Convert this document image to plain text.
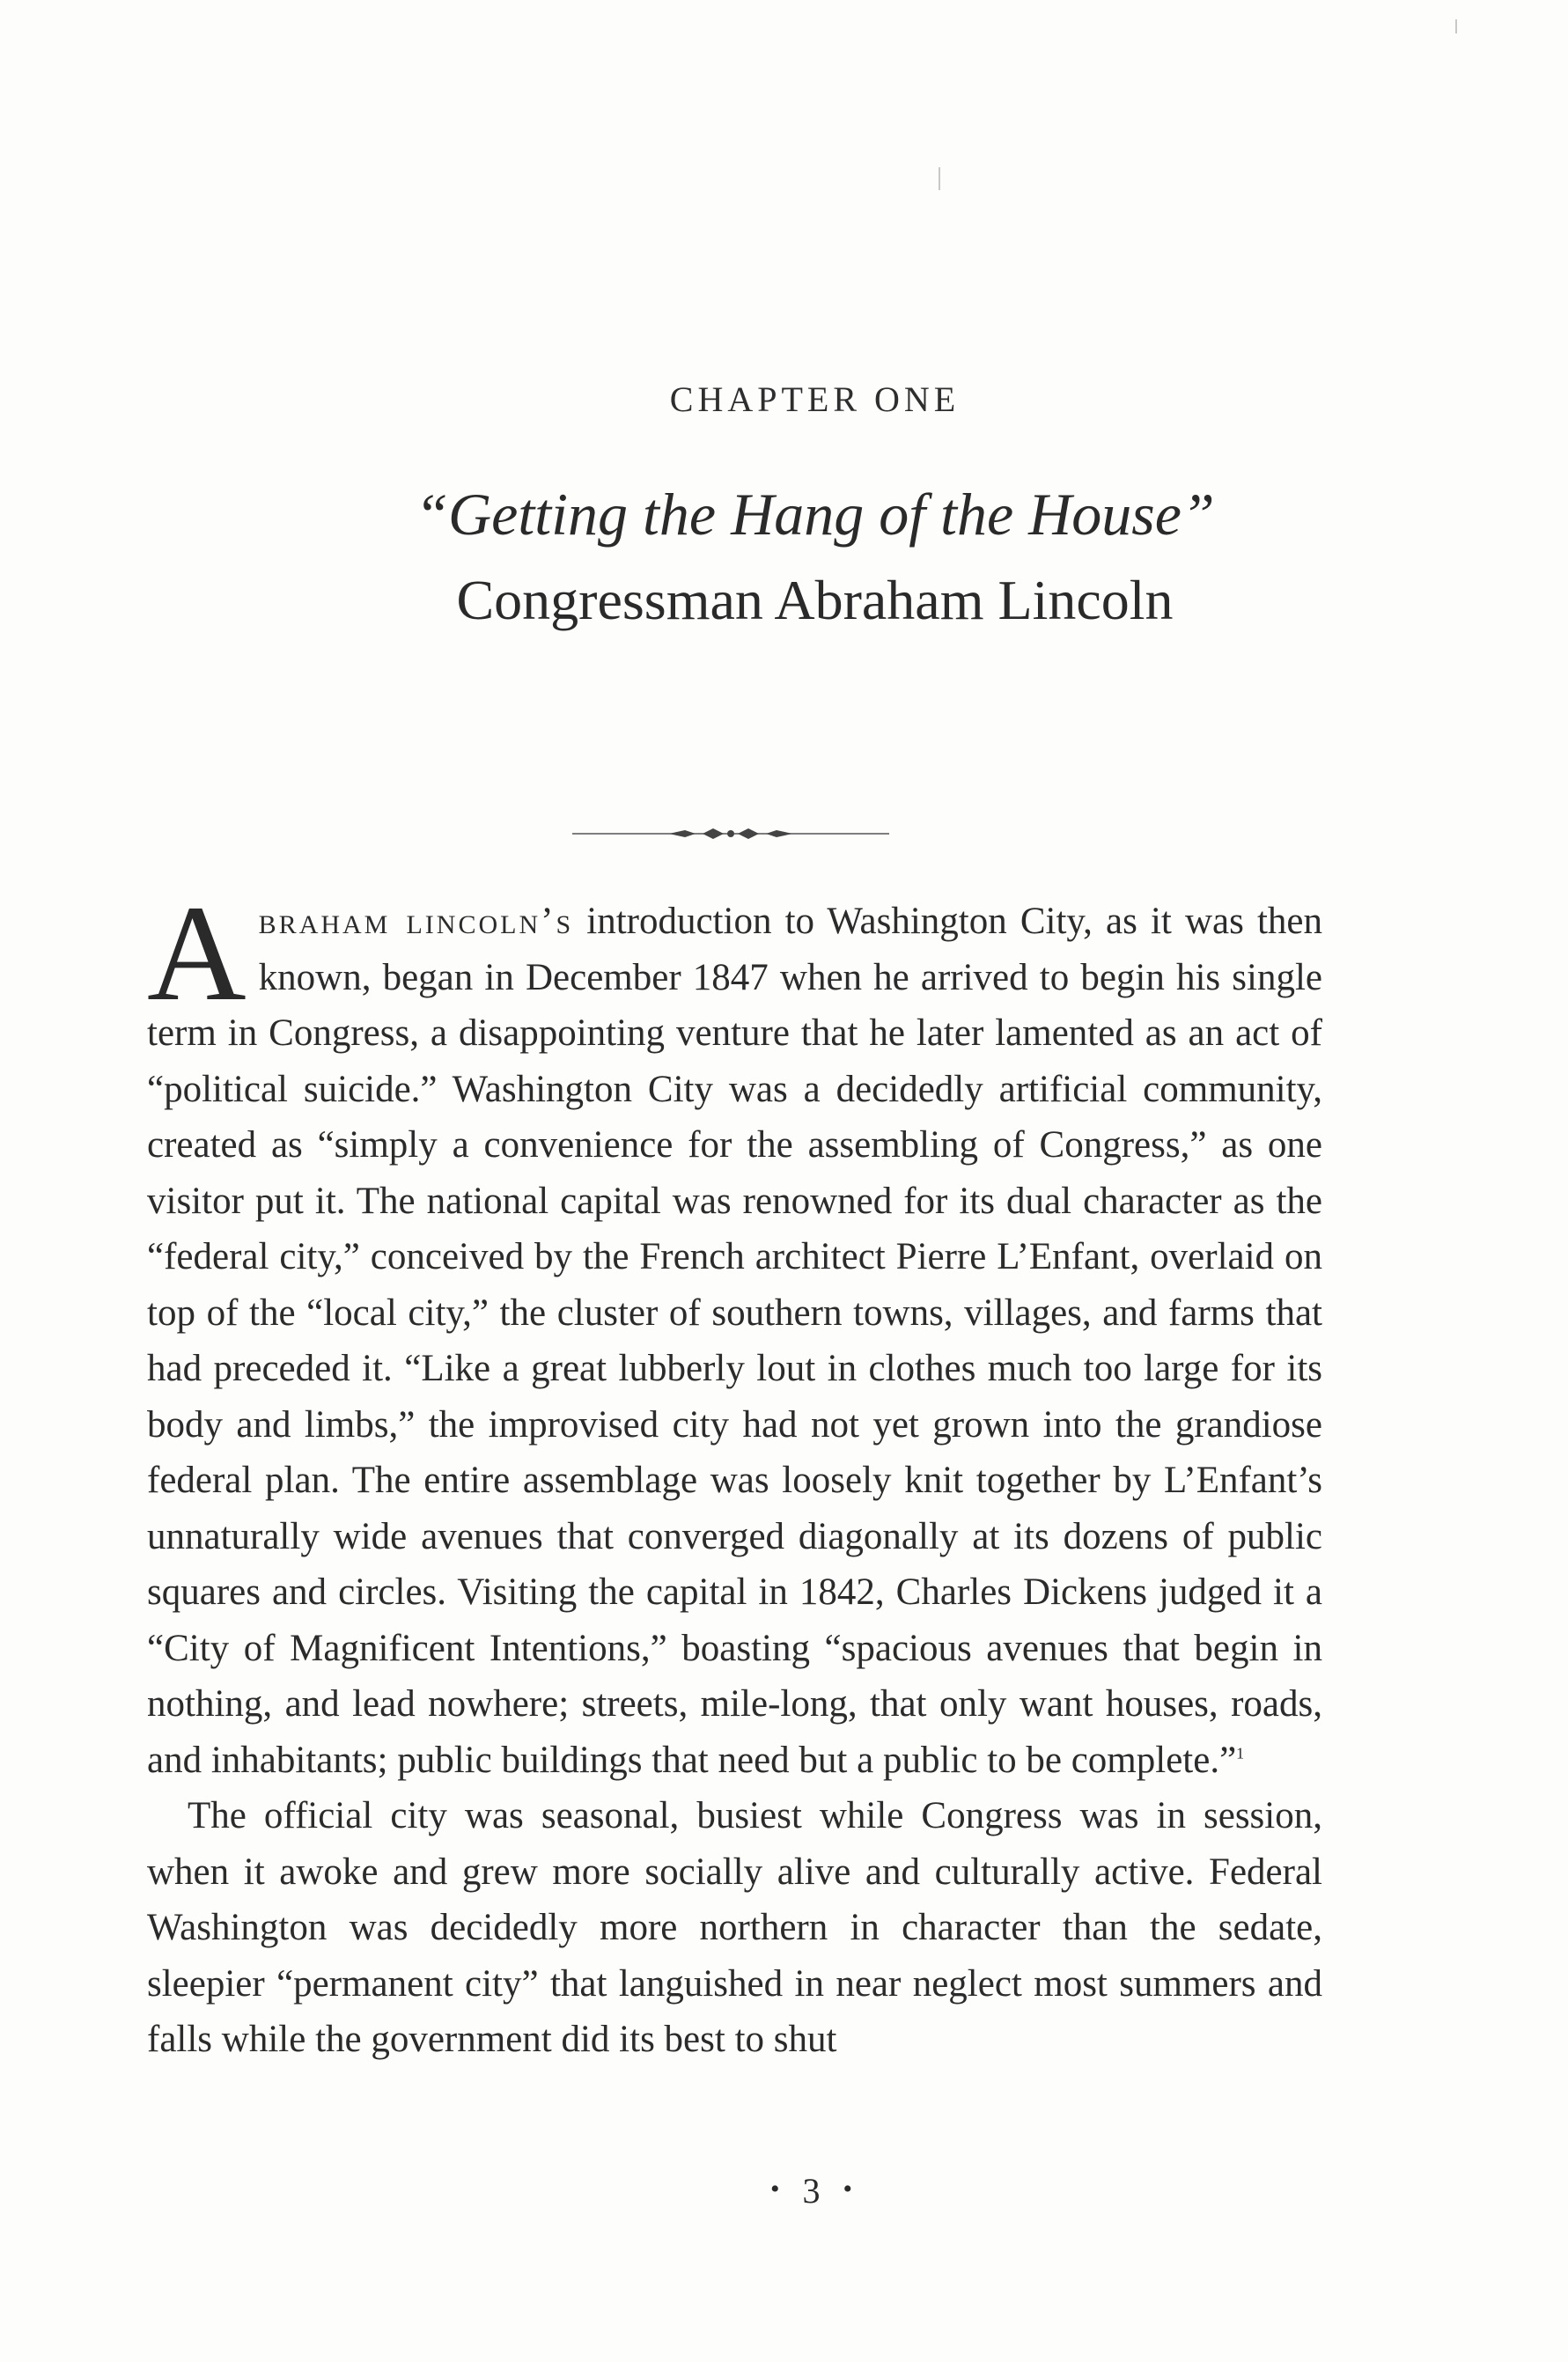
CHAPTER ONE
“Getting the Hang of the House”
Congressman Abraham Lincoln

Abraham lincoln’s introduction to Washington City, as it was then known, began in December 1847 when he arrived to begin his single term in Congress, a disappointing venture that he later lamented as an act of “political suicide.” Washington City was a decidedly artificial community, created as “simply a convenience for the assembling of Congress,” as one visitor put it. The national capital was renowned for its dual character as the “federal city,” conceived by the French architect Pierre L’Enfant, overlaid on top of the “local city,” the cluster of southern towns, villages, and farms that had preceded it. “Like a great lubberly lout in clothes much too large for its body and limbs,” the improvised city had not yet grown into the grandiose federal plan. The entire assemblage was loosely knit together by L’Enfant’s unnaturally wide avenues that converged diagonally at its dozens of public squares and circles. Visiting the capital in 1842, Charles Dickens judged it a “City of Magnificent Intentions,” boasting “spacious avenues that begin in nothing, and lead nowhere; streets, mile-long, that only want houses, roads, and inhabitants; public buildings that need but a public to be complete.”$^1$

The official city was seasonal, busiest while Congress was in session, when it awoke and grew more socially alive and culturally active. Federal Washington was decidedly more northern in character than the sedate, sleepier “permanent city” that languished in near neglect most summers and falls while the government did its best to shut

• 3 •
